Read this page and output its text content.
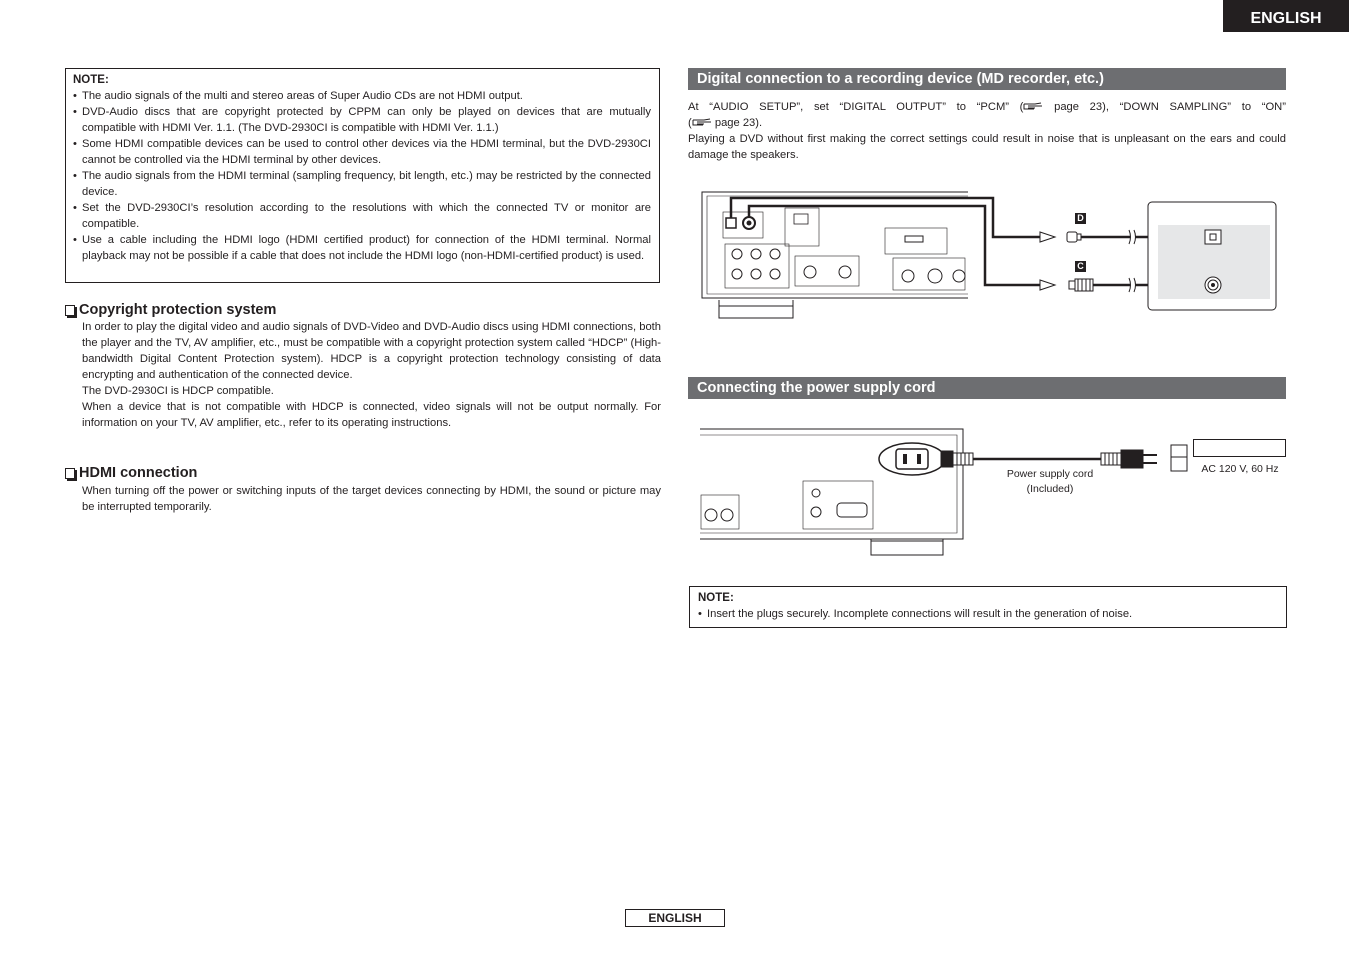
ENGLISH
NOTE:
• The audio signals of the multi and stereo areas of Super Audio CDs are not HDMI output.
• DVD-Audio discs that are copyright protected by CPPM can only be played on devices that are mutually compatible with HDMI Ver. 1.1. (The DVD-2930CI is compatible with HDMI Ver. 1.1.)
• Some HDMI compatible devices can be used to control other devices via the HDMI terminal, but the DVD-2930CI cannot be controlled via the HDMI terminal by other devices.
• The audio signals from the HDMI terminal (sampling frequency, bit length, etc.) may be restricted by the connected device.
• Set the DVD-2930CI’s resolution according to the resolutions with which the connected TV or monitor are compatible.
• Use a cable including the HDMI logo (HDMI certified product) for connection of the HDMI terminal. Normal playback may not be possible if a cable that does not include the HDMI logo (non-HDMI-certified product) is used.
Copyright protection system
In order to play the digital video and audio signals of DVD-Video and DVD-Audio discs using HDMI connections, both the player and the TV, AV amplifier, etc., must be compatible with a copyright protection system called “HDCP” (High-bandwidth Digital Content Protection system). HDCP is a copyright protection technology consisting of data encrypting and authentication of the connected device.
The DVD-2930CI is HDCP compatible.
When a device that is not compatible with HDCP is connected, video signals will not be output normally. For information on your TV, AV amplifier, etc., refer to its operating instructions.
HDMI connection
When turning off the power or switching inputs of the target devices connecting by HDMI, the sound or picture may be interrupted temporarily.
Digital connection to a recording device (MD recorder, etc.)
At “AUDIO SETUP”, set “DIGITAL OUTPUT” to “PCM” ( page 23), “DOWN SAMPLING” to “ON”
( page 23).
Playing a DVD without first making the correct settings could result in noise that is unpleasant on the ears and could damage the speakers.
D
C
Connecting the power supply cord
Power supply cord
(Included)
AC 120 V, 60 Hz
NOTE:
• Insert the plugs securely. Incomplete connections will result in the generation of noise.
ENGLISH
